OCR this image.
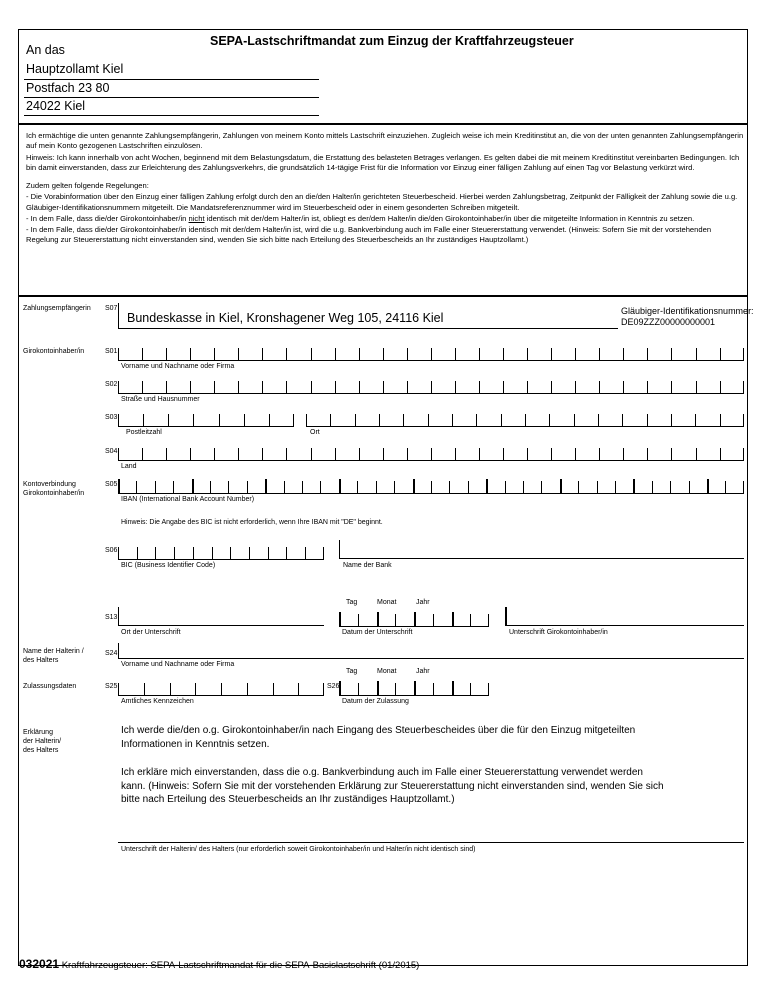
SEPA-Lastschriftmandat zum Einzug der Kraftfahrzeugsteuer
An das
Hauptzollamt Kiel
Postfach 23 80
24022 Kiel

Ich ermächtige die unten genannte Zahlungsempfängerin, Zahlungen von meinem Konto mittels Lastschrift einzuziehen. Zugleich weise ich mein Kreditinstitut an, die von der unten genannten Zahlungsempfängerin auf mein Konto gezogenen Lastschriften einzulösen.

Hinweis: Ich kann innerhalb von acht Wochen, beginnend mit dem Belastungsdatum, die Erstattung des belasteten Betrages verlangen. Es gelten dabei die mit meinem Kreditinstitut vereinbarten Bedingungen. Ich bin damit einverstanden, dass zur Erleichterung des Zahlungsverkehrs, die grundsätzlich 14-tägige Frist für die Information vor Einzug einer fälligen Zahlung auf einen Tag vor Belastung verkürzt wird.

Zudem gelten folgende Regelungen:

- Die Vorabinformation über den Einzug einer fälligen Zahlung erfolgt durch den an die/den Halter/in gerichteten Steuerbescheid. Hierbei werden Zahlungsbetrag, Zeitpunkt der Fälligkeit der Zahlung sowie die u.g. Gläubiger-Identifikationsnummern mitgeteilt. Die Mandatsreferenznummer wird im Steuerbescheid oder in einem gesonderten Schreiben mitgeteilt.

- In dem Falle, dass die/der Girokontoinhaber/in nicht identisch mit der/dem Halter/in ist, obliegt es der/dem Halter/in die/den Girokontoinhaber/in über die mitgeteilte Information in Kenntnis zu setzen.

- In dem Falle, dass die/der Girokontoinhaber/in identisch mit der/dem Halter/in ist, wird die u.g. Bankverbindung auch im Falle einer Steuererstattung verwendet. (Hinweis: Sofern Sie mit der vorstehenden Regelung zur Steuererstattung nicht einverstanden sind, wenden Sie sich bitte nach Erteilung des Steuerbescheids an Ihr zuständiges Hauptzollamt.)

Zahlungsempfängerin S07
Bundeskasse in Kiel, Kronshagener Weg 105, 24116 Kiel	Gläubiger-Identifikationsnummer:
DE09ZZZ00000000001
Girokontoinhaber/in	S01
Vorname und Nachname oder Firma
S02
Straße und Hausnummer
S03
Postleitzahl	Ort
S04
Land
Kontoverbindung
Girokontoinhaber/in
S05
IBAN (International Bank Account Number)
Hinweis: Die Angabe des BIC ist nicht erforderlich, wenn Ihre IBAN mit "DE" beginnt.
S06
BIC (Business Identifier Code)	Name der Bank
Tag	Monat	Jahr
S13
Ort der Unterschrift	Datum der Unterschrift	Unterschrift Girokontoinhaber/in
Name der Halterin /
des Halters
S24
Vorname und Nachname oder Firma
Tag	Monat	Jahr
Zulassungsdaten	S25	S26
Amtliches Kennzeichen	Datum der Zulassung
Erklärung
der Halterin/
des Halters
Ich werde die/den o.g. Girokontoinhaber/in nach Eingang des Steuerbescheides über die für den Einzug mitgeteilten Informationen in Kenntnis setzen.
Ich erkläre mich einverstanden, dass die o.g. Bankverbindung auch im Falle einer Steuererstattung verwendet werden kann. (Hinweis: Sofern Sie mit der vorstehenden Erklärung zur Steuererstattung nicht einverstanden sind, wenden Sie sich bitte nach Erteilung des Steuerbescheids an Ihr zuständiges Hauptzollamt.)
Unterschrift der Halterin/ des Halters (nur erforderlich soweit Girokontoinhaber/in und Halter/in nicht identisch sind)
032021 Kraftfahrzeugsteuer: SEPA-Lastschriftmandat für die SEPA-Basislastschrift (01/2015)
